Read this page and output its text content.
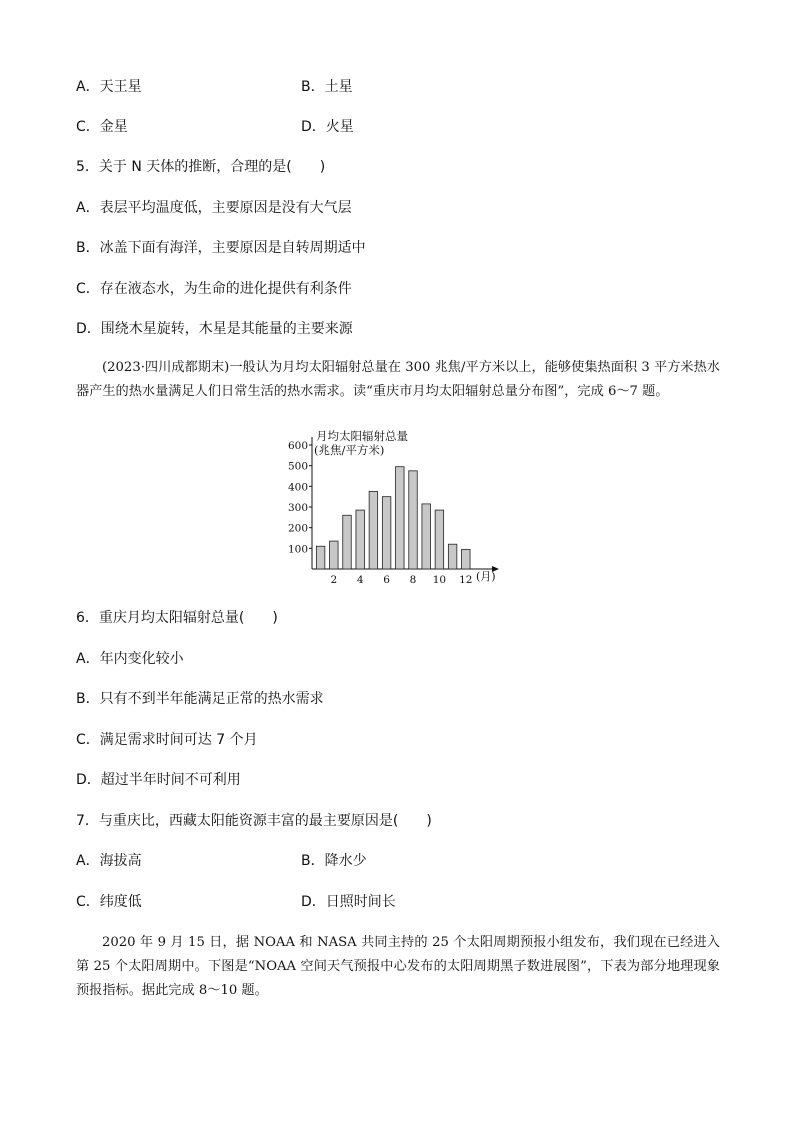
A．天王星	B．土星
C．金星	D．火星
5．关于 N 天体的推断，合理的是(　　)
A．表层平均温度低，主要原因是没有大气层
B．冰盖下面有海洋，主要原因是自转周期适中
C．存在液态水，为生命的进化提供有利条件
D．围绕木星旋转，木星是其能量的主要来源
(2023·四川成都期末)一般认为月均太阳辐射总量在 300 兆焦/平方米以上，能够使集热面积 3 平方米热水器产生的热水量满足人们日常生活的热水需求。读“重庆市月均太阳辐射总量分布图”，完成 6～7 题。
100
200
300
400
500
600
2 4 6 8 10 12
月均太阳辐射总量
(兆焦/平方米)
(月)
6．重庆月均太阳辐射总量(　　)
A．年内变化较小
B．只有不到半年能满足正常的热水需求
C．满足需求时间可达 7 个月
D．超过半年时间不可利用
7．与重庆比，西藏太阳能资源丰富的最主要原因是(　　)
A．海拔高	B．降水少
C．纬度低	D．日照时间长
2020 年 9 月 15 日，据 NOAA 和 NASA 共同主持的 25 个太阳周期预报小组发布，我们现在已经进入第 25 个太阳周期中。下图是“NOAA 空间天气预报中心发布的太阳周期黑子数进展图”，下表为部分地理现象预报指标。据此完成 8～10 题。
